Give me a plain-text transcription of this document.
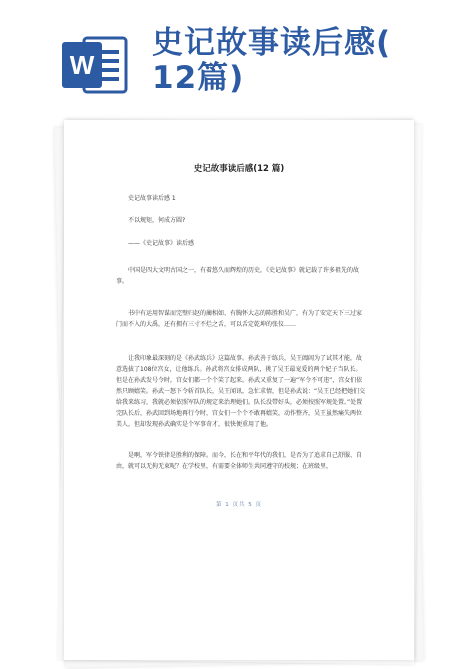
W
史记故事读后感(
12篇)
史记故事读后感(12 篇)
史记故事读后感 1
不以规矩，何成方圆?
——《史记故事》读后感
中国是四大文明古国之一，有着悠久而辉煌的历史，《史记故事》就记载了许多祖先的故事。
书中有运用智谋而完璧归赵的蔺相如、有胸怀大志的陈胜和吴广，有为了安定天下三过家门而不入的大禹，还有拥有三寸不烂之舌，可以舌定乾坤的张仪……
让我印象最深刻的是《孙武练兵》这篇故事。孙武善于练兵，吴王阖闾为了试其才能，故意选拔了108位宫女，让他练兵。孙武将宫女排成两队，挑了吴王最宠爱的两个妃子当队长。但是在孙武发号令时，宫女们都一个个笑了起来。孙武又重复了一遍“军令不可违”，宫女们依然只顾嬉笑。孙武一怒下令斩首队长，吴王闻讯，急忙求情，但是孙武说：“吴王已经把她们交给我来练习，我就必须依照军队的规定来治理她们。队长没带好头，必须按照军规处置。”处置完队长后，孙武回到场地再行令时，宫女们一个个不敢再嬉笑，动作整齐，吴王虽然痛失两位美人，但却发现孙武确实是个军事奇才，很快便重用了他。
是啊，军令铁律是胜利的保障。而今，长在和平年代的我们，是否为了追求自己舒服、自由，就可以无拘无束呢？在学校里，有需要全体师生共同遵守的校规；在班级里，
第 1 页共 5 页
